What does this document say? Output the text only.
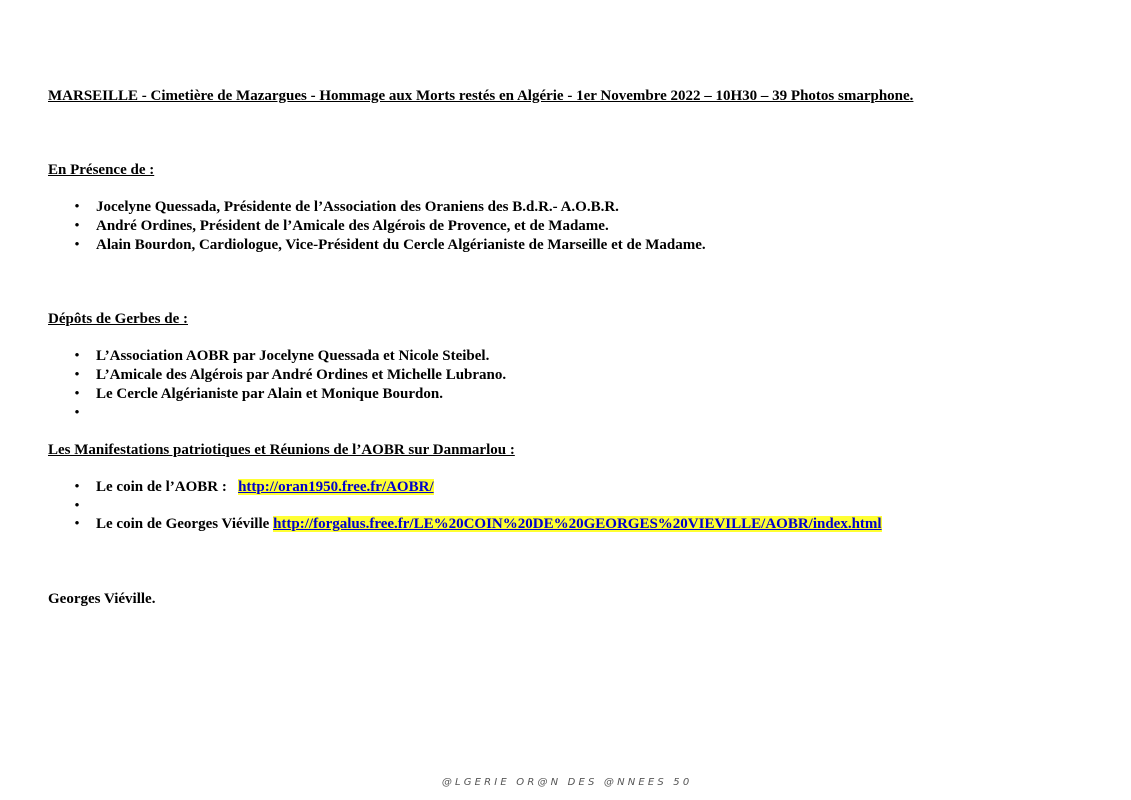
MARSEILLE - Cimetière de Mazargues - Hommage aux Morts restés en Algérie - 1er Novembre 2022 – 10H30 – 39 Photos smarphone.
En Présence de :
• Jocelyne Quessada, Présidente de l’Association des Oraniens des B.d.R.- A.O.B.R.
• André Ordines, Président de l’Amicale des Algérois de Provence, et de Madame.
• Alain Bourdon, Cardiologue, Vice-Président du Cercle Algérianiste de Marseille et de Madame.
Dépôts de Gerbes de :
• L’Association AOBR par Jocelyne Quessada et Nicole Steibel.
• L’Amicale des Algérois par André Ordines et Michelle Lubrano.
• Le Cercle Algérianiste par Alain et Monique Bourdon.
•
Les Manifestations patriotiques et Réunions de l’AOBR sur Danmarlou :
• Le coin de l’AOBR : http://oran1950.free.fr/AOBR/
•
• Le coin de Georges Viéville http://forgalus.free.fr/LE%20COIN%20DE%20GEORGES%20VIEVILLE/AOBR/index.html
Georges Viéville.
@ L G E R I E   O R @ N   D E S   @ N N E E S   5 0
